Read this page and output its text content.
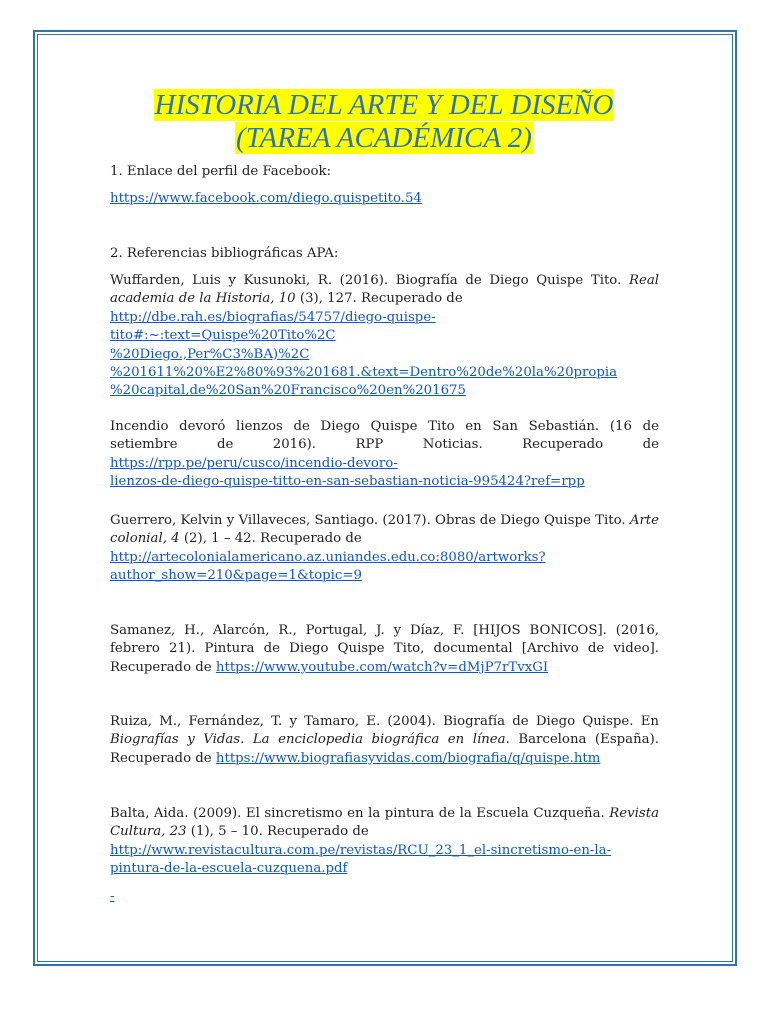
HISTORIA DEL ARTE Y DEL DISEÑO
(TAREA ACADÉMICA 2)
1. Enlace del perfil de Facebook:
https://www.facebook.com/diego.quispetito.54
2. Referencias bibliográficas APA:
Wuffarden, Luis y Kusunoki, R. (2016). Biografía de Diego Quispe Tito. Real academia de la Historia, 10 (3), 127. Recuperado de
http://dbe.rah.es/biografias/54757/diego-quispe-tito#:~:text=Quispe%20Tito%2C
%20Diego.,Per%C3%BA)%2C
%201611%20%E2%80%93%201681.&text=Dentro%20de%20la%20propia
%20capital,de%20San%20Francisco%20en%201675
Incendio devoró lienzos de Diego Quispe Tito en San Sebastián. (16 de setiembre	de 2016). RPP Noticias. Recuperado de https://rpp.pe/peru/cusco/incendio-devoro-
lienzos-de-diego-quispe-titto-en-san-sebastian-noticia-995424?ref=rpp
Guerrero, Kelvin y Villaveces, Santiago. (2017). Obras de Diego Quispe Tito. Arte colonial, 4 (2), 1 – 42. Recuperado de
http://artecolonialamericano.az.uniandes.edu.co:8080/artworks?
author_show=210&page=1&topic=9
Samanez, H., Alarcón, R., Portugal, J. y Díaz, F. [HIJOS BONICOS]. (2016, febrero 21). Pintura de Diego Quispe Tito, documental [Archivo de video]. Recuperado de https://www.youtube.com/watch?v=dMjP7rTvxGI
Ruiza, M., Fernández, T. y Tamaro, E. (2004). Biografía de Diego Quispe. En Biografías y Vidas. La enciclopedia biográfica en línea. Barcelona (España). Recuperado de https://www.biografiasyvidas.com/biografia/q/quispe.htm
Balta, Aida. (2009). El sincretismo en la pintura de la Escuela Cuzqueña. Revista Cultura, 23 (1), 5 – 10. Recuperado de
http://www.revistacultura.com.pe/revistas/RCU_23_1_el-sincretismo-en-la-
pintura-de-la-escuela-cuzquena.pdf
-
